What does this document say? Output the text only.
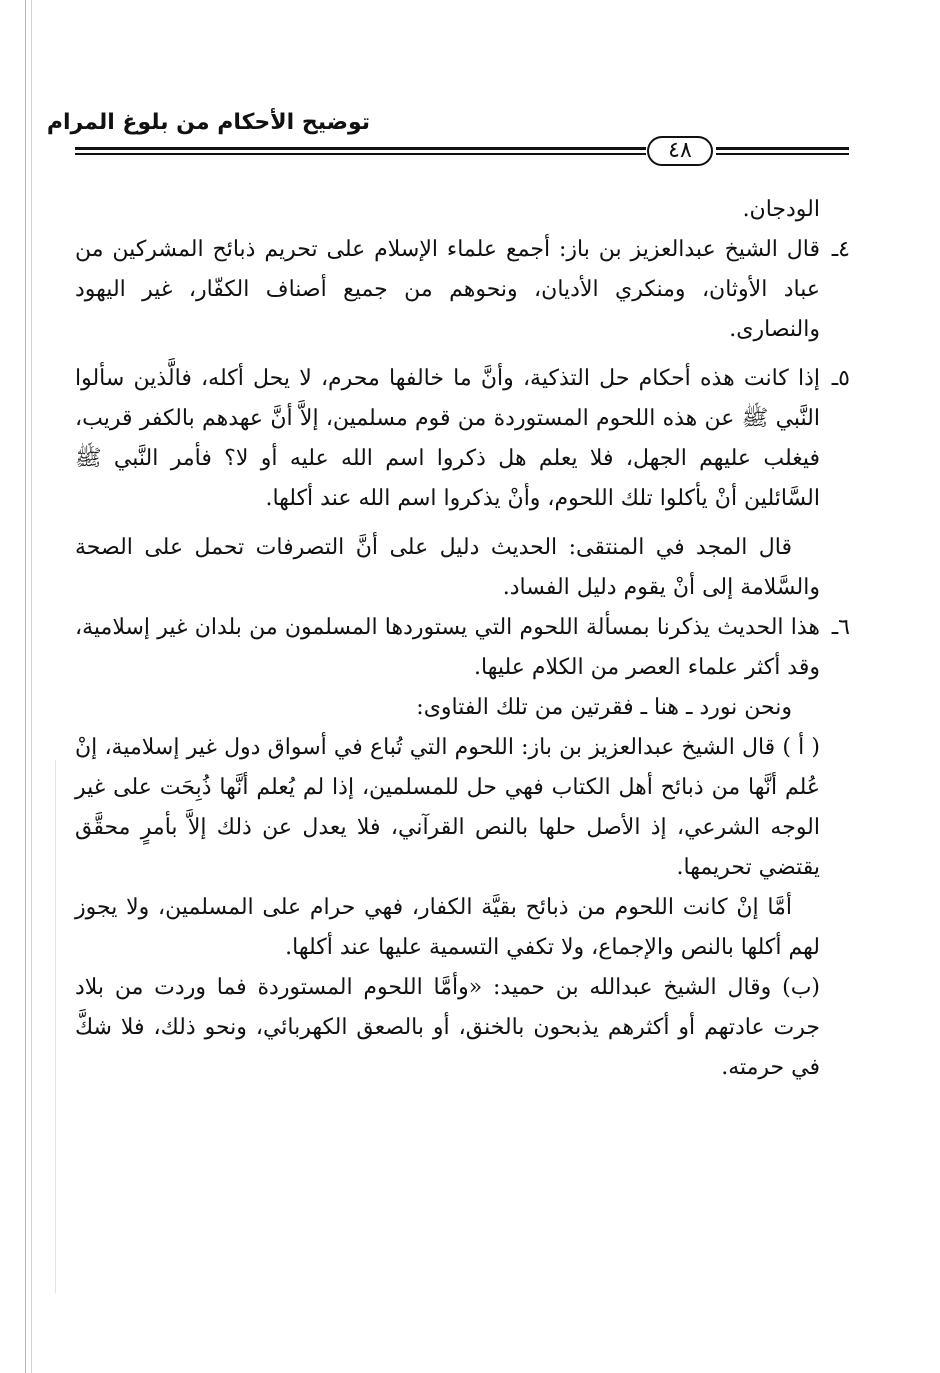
توضيح الأحكام من بلوغ المرام
٤٨

الودجان.

٤ـقال الشيخ عبدالعزيز بن باز: أجمع علماء الإسلام على تحريم ذبائح المشركين من عباد الأوثان، ومنكري الأديان، ونحوهم من جميع أصناف الكفّار، غير اليهود والنصارى.

٥ـإذا كانت هذه أحكام حل التذكية، وأنَّ ما خالفها محرم، لا يحل أكله، فالَّذين سألوا النَّبي ﷺ عن هذه اللحوم المستوردة من قوم مسلمين، إلاَّ أنَّ عهدهم بالكفر قريب، فيغلب عليهم الجهل، فلا يعلم هل ذكروا اسم الله عليه أو لا؟ فأمر النَّبي ﷺ السَّائلين أنْ يأكلوا تلك اللحوم، وأنْ يذكروا اسم الله عند أكلها.

قال المجد في المنتقى: الحديث دليل على أنَّ التصرفات تحمل على الصحة والسَّلامة إلى أنْ يقوم دليل الفساد.

٦ـهذا الحديث يذكرنا بمسألة اللحوم التي يستوردها المسلمون من بلدان غير إسلامية، وقد أكثر علماء العصر من الكلام عليها.

ونحن نورد ـ هنا ـ فقرتين من تلك الفتاوى:

( أ ) قال الشيخ عبدالعزيز بن باز: اللحوم التي تُباع في أسواق دول غير إسلامية، إنْ عُلم أنَّها من ذبائح أهل الكتاب فهي حل للمسلمين، إذا لم يُعلم أنَّها ذُبِحَت على غير الوجه الشرعي، إذ الأصل حلها بالنص القرآني، فلا يعدل عن ذلك إلاَّ بأمرٍ محقَّق يقتضي تحريمها.

أمَّا إنْ كانت اللحوم من ذبائح بقيَّة الكفار، فهي حرام على المسلمين، ولا يجوز لهم أكلها بالنص والإجماع، ولا تكفي التسمية عليها عند أكلها.

(ب) وقال الشيخ عبدالله بن حميد: «وأمَّا اللحوم المستوردة فما وردت من بلاد جرت عادتهم أو أكثرهم يذبحون بالخنق، أو بالصعق الكهربائي، ونحو ذلك، فلا شكَّ في حرمته.
